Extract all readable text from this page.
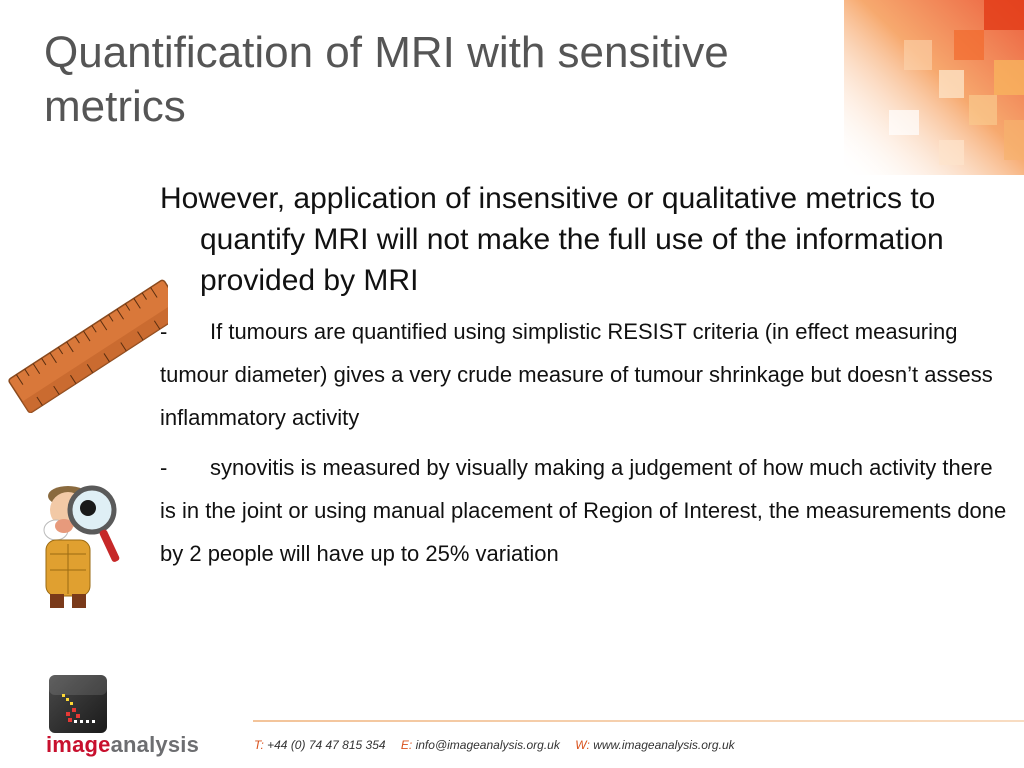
Quantification of MRI with sensitive metrics
However, application of insensitive or qualitative metrics to quantify MRI will not make the full use of the information provided by MRI
- If tumours are quantified using simplistic RESIST criteria (in effect measuring tumour diameter) gives a very crude measure of tumour shrinkage but doesn’t assess inflammatory activity
- synovitis is measured by visually making a judgement of how much activity there is in the joint or using manual placement of Region of Interest, the measurements done by 2 people will have up to 25% variation
imageanalysis	T: +44 (0) 74 47 815 354 E: info@imageanalysis.org.uk W: www.imageanalysis.org.uk
